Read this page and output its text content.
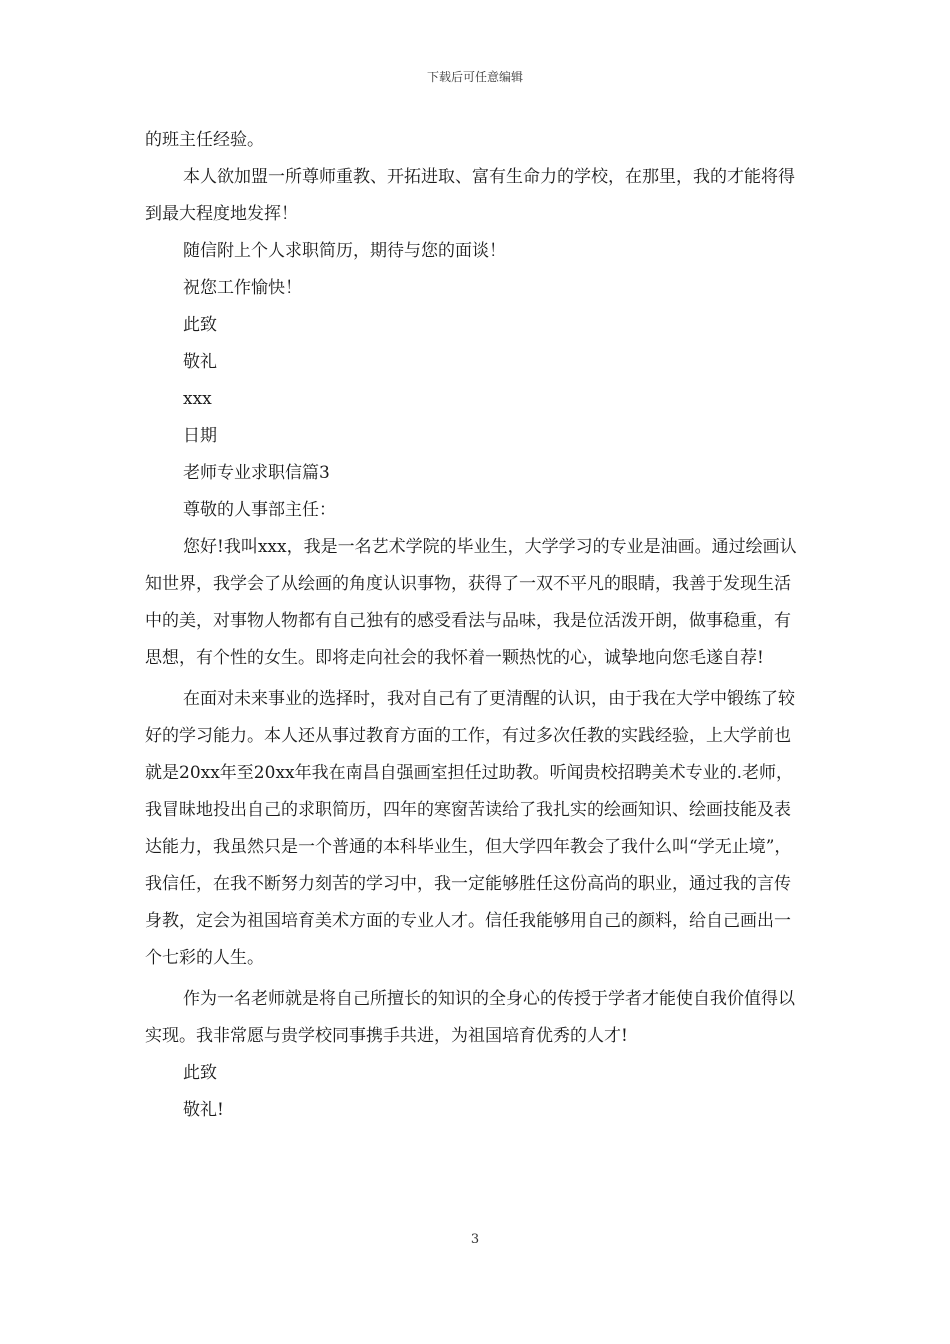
下载后可任意编辑

的班主任经验。

本人欲加盟一所尊师重教、开拓进取、富有生命力的学校，在那里，我的才能将得到最大程度地发挥！

随信附上个人求职简历，期待与您的面谈！

祝您工作愉快！

此致

敬礼

xxx

日期

老师专业求职信篇3

尊敬的人事部主任：

您好!我叫xxx，我是一名艺术学院的毕业生，大学学习的专业是油画。通过绘画认知世界，我学会了从绘画的角度认识事物，获得了一双不平凡的眼睛，我善于发现生活中的美，对事物人物都有自己独有的感受看法与品味，我是位活泼开朗，做事稳重，有思想，有个性的女生。即将走向社会的我怀着一颗热忱的心，诚挚地向您毛遂自荐!

在面对未来事业的选择时，我对自己有了更清醒的认识，由于我在大学中锻练了较好的学习能力。本人还从事过教育方面的工作，有过多次任教的实践经验，上大学前也就是20xx年至20xx年我在南昌自强画室担任过助教。听闻贵校招聘美术专业的.老师，我冒昧地投出自己的求职简历，四年的寒窗苦读给了我扎实的绘画知识、绘画技能及表达能力，我虽然只是一个普通的本科毕业生，但大学四年教会了我什么叫“学无止境”，我信任，在我不断努力刻苦的学习中，我一定能够胜任这份高尚的职业，通过我的言传身教，定会为祖国培育美术方面的专业人才。信任我能够用自己的颜料，给自己画出一个七彩的人生。

作为一名老师就是将自己所擅长的知识的全身心的传授于学者才能使自我价值得以实现。我非常愿与贵学校同事携手共进，为祖国培育优秀的人才!

此致

敬礼!

3
